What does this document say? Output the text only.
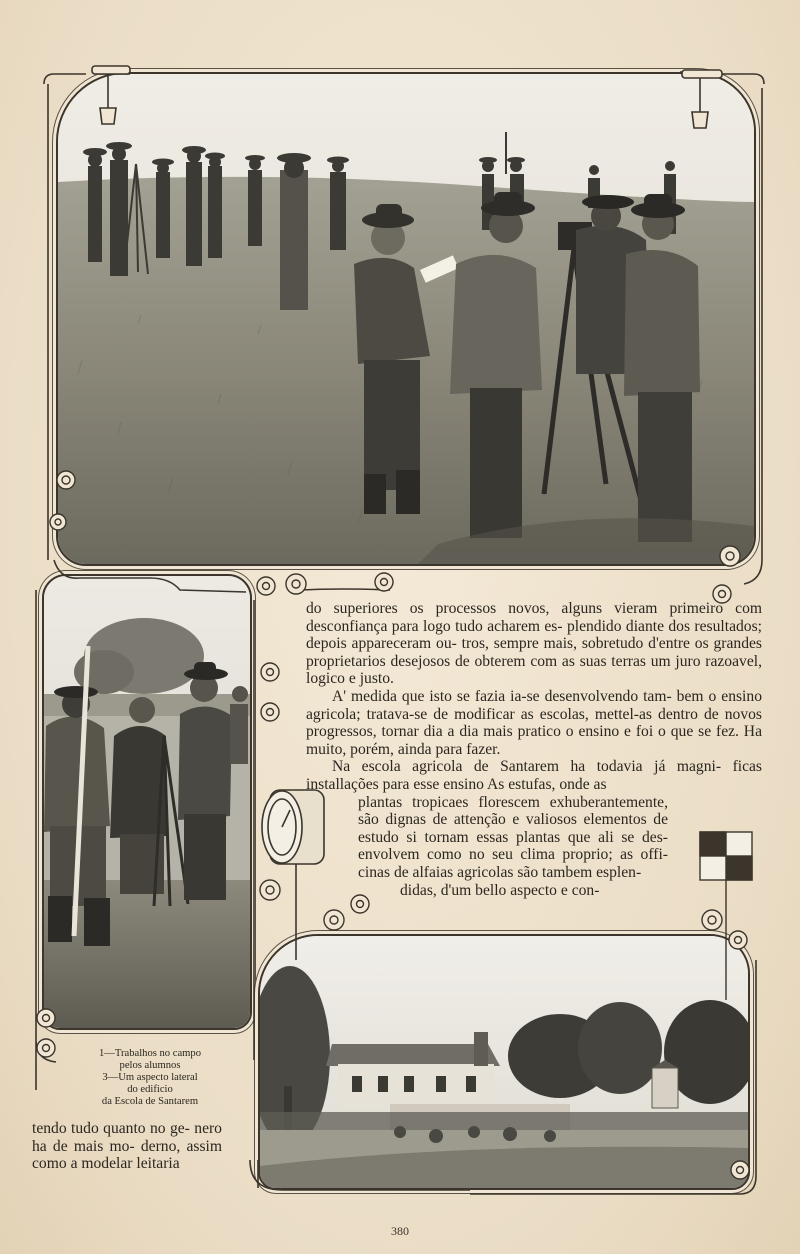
do superiores os processos novos, alguns vieram primeiro com desconfiança para logo tudo acharem es- plendido diante dos resultados; depois appareceram ou- tros, sempre mais, sobretudo d'entre os grandes proprietarios desejosos de obterem com as suas terras um juro razoavel, logico e justo.

A' medida que isto se fazia ia-se desenvolvendo tam- bem o ensino agricola; tratava-se de modificar as escolas, mettel-as dentro de novos progressos, tornar dia a dia mais pratico o ensino e foi o que se fez. Ha muito, porém, ainda para fazer.

Na escola agricola de Santarem ha todavia já magni- ficas installações para esse ensino As estufas, onde as

plantas tropicaes florescem exhuberantemente, são dignas de attenção e valiosos elementos de estudo si tornam essas plantas que ali se des- envolvem como no seu clima proprio; as offi- cinas de alfaias agricolas são tambem esplen-

didas, d'um bello aspecto e con-

1—Trabalhos no campo
pelos alumnos
3—Um aspecto lateral
do edificio
da Escola de Santarem
tendo tudo quanto no ge- nero ha de mais mo- derno, assim como a modelar leitaria
380
